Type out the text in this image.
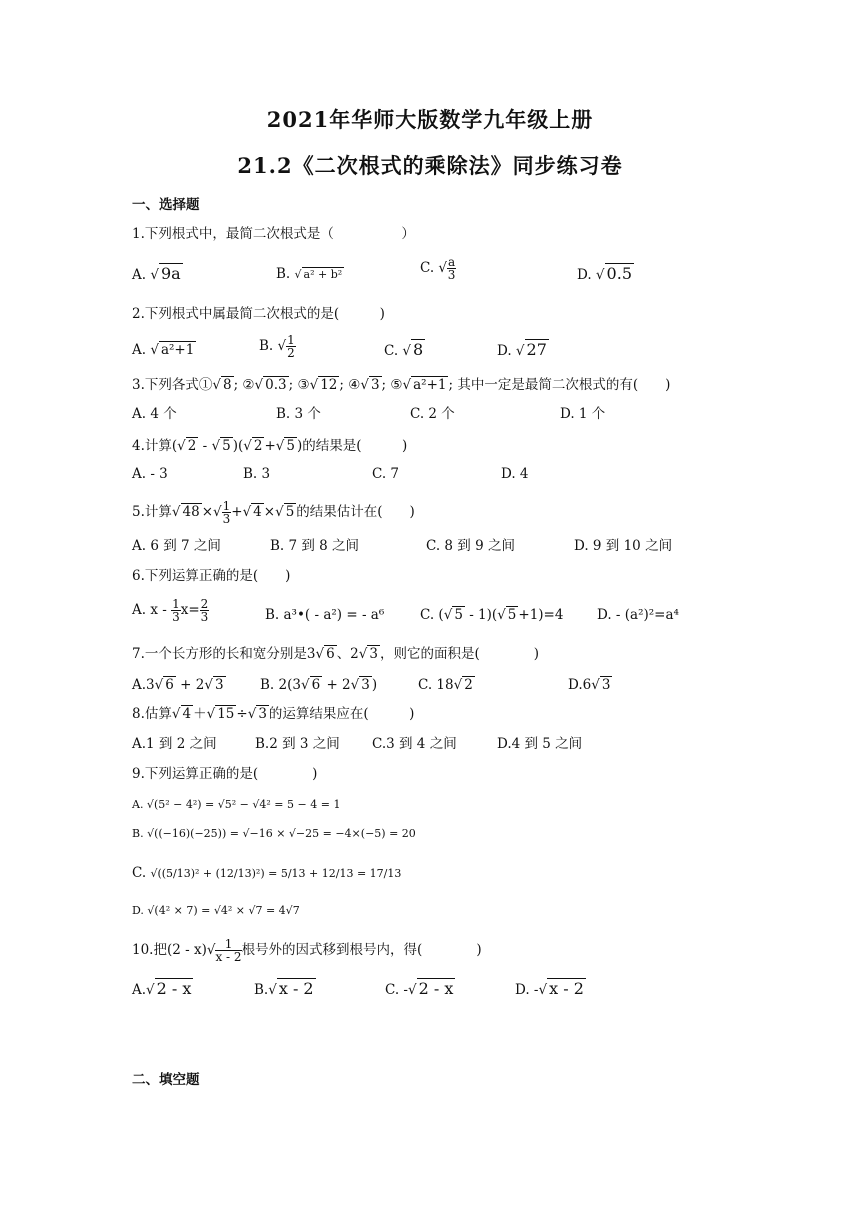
2021年华师大版数学九年级上册
21.2《二次根式的乘除法》同步练习卷
一、选择题
1.下列根式中，最简二次根式是（　　　　　）
A. √ 9a	B. √ a² + b²	C. √ $\frac{a}{3}$	D. √ 0.5
2.下列根式中属最简二次根式的是(　　　)
A. √ a²+1	B. √ $\frac{1}{2}$	C. √ 8	D. √ 27
3.下列各式①√ 8 ; ②√ 0.3 ; ③√ 12 ; ④√ 3 ; ⑤√ a²+1 ; 其中一定是最简二次根式的有(　　)
A. 4 个	B. 3 个	C. 2 个	D. 1 个
4.计算(√ 2 - √ 5 )(√ 2 +√ 5 )的结果是(　　　)
A. - 3	B. 3	C. 7	D. 4
5.计算√ 48 ×√ $\frac{1}{3}$ +√ 4 ×√ 5 的结果估计在(　　)
A. 6 到 7 之间	B. 7 到 8 之间	C. 8 到 9 之间	D. 9 到 10 之间
6.下列运算正确的是(　　)
A. $x - \frac{1}{3} x= \frac{2}{3}$	B. a³•( - a²) = - a⁶	C. (√ 5 - 1)(√ 5 +1)=4 D. - (a²)²=a⁴
7.一个长方形的长和宽分别是3√ 6 、2√ 3 ，则它的面积是(　　　　)
A.3√ 6 + 2√ 3	B. 2(3√ 6 + 2√ 3 )	C. 18√ 2	D.6√ 3
8.估算√ 4 ＋√ 15 ÷√ 3 的运算结果应在(　　　)
A.1 到 2 之间	B.2 到 3 之间 C.3 到 4 之间	D.4 到 5 之间
9.下列运算正确的是(　　　　)
A. √(5² − 4²) = √5² − √4² = 5 − 4 = 1
B. √((−16)(−25)) = √−16 × √−25 = −4×(−5) = 20
C. √((5/13)² + (12/13)²) = 5/13 + 12/13 = 17/13
D. √(4² × 7) = √4² × √7 = 4√7
10.把$(2 - x)√ \frac{1}{x - 2}$ 根号外的因式移到根号内，得(　　　　)
A.√ 2 - x	B.√ x - 2	C. -√ 2 - x	D. -√ x - 2
二、填空题
